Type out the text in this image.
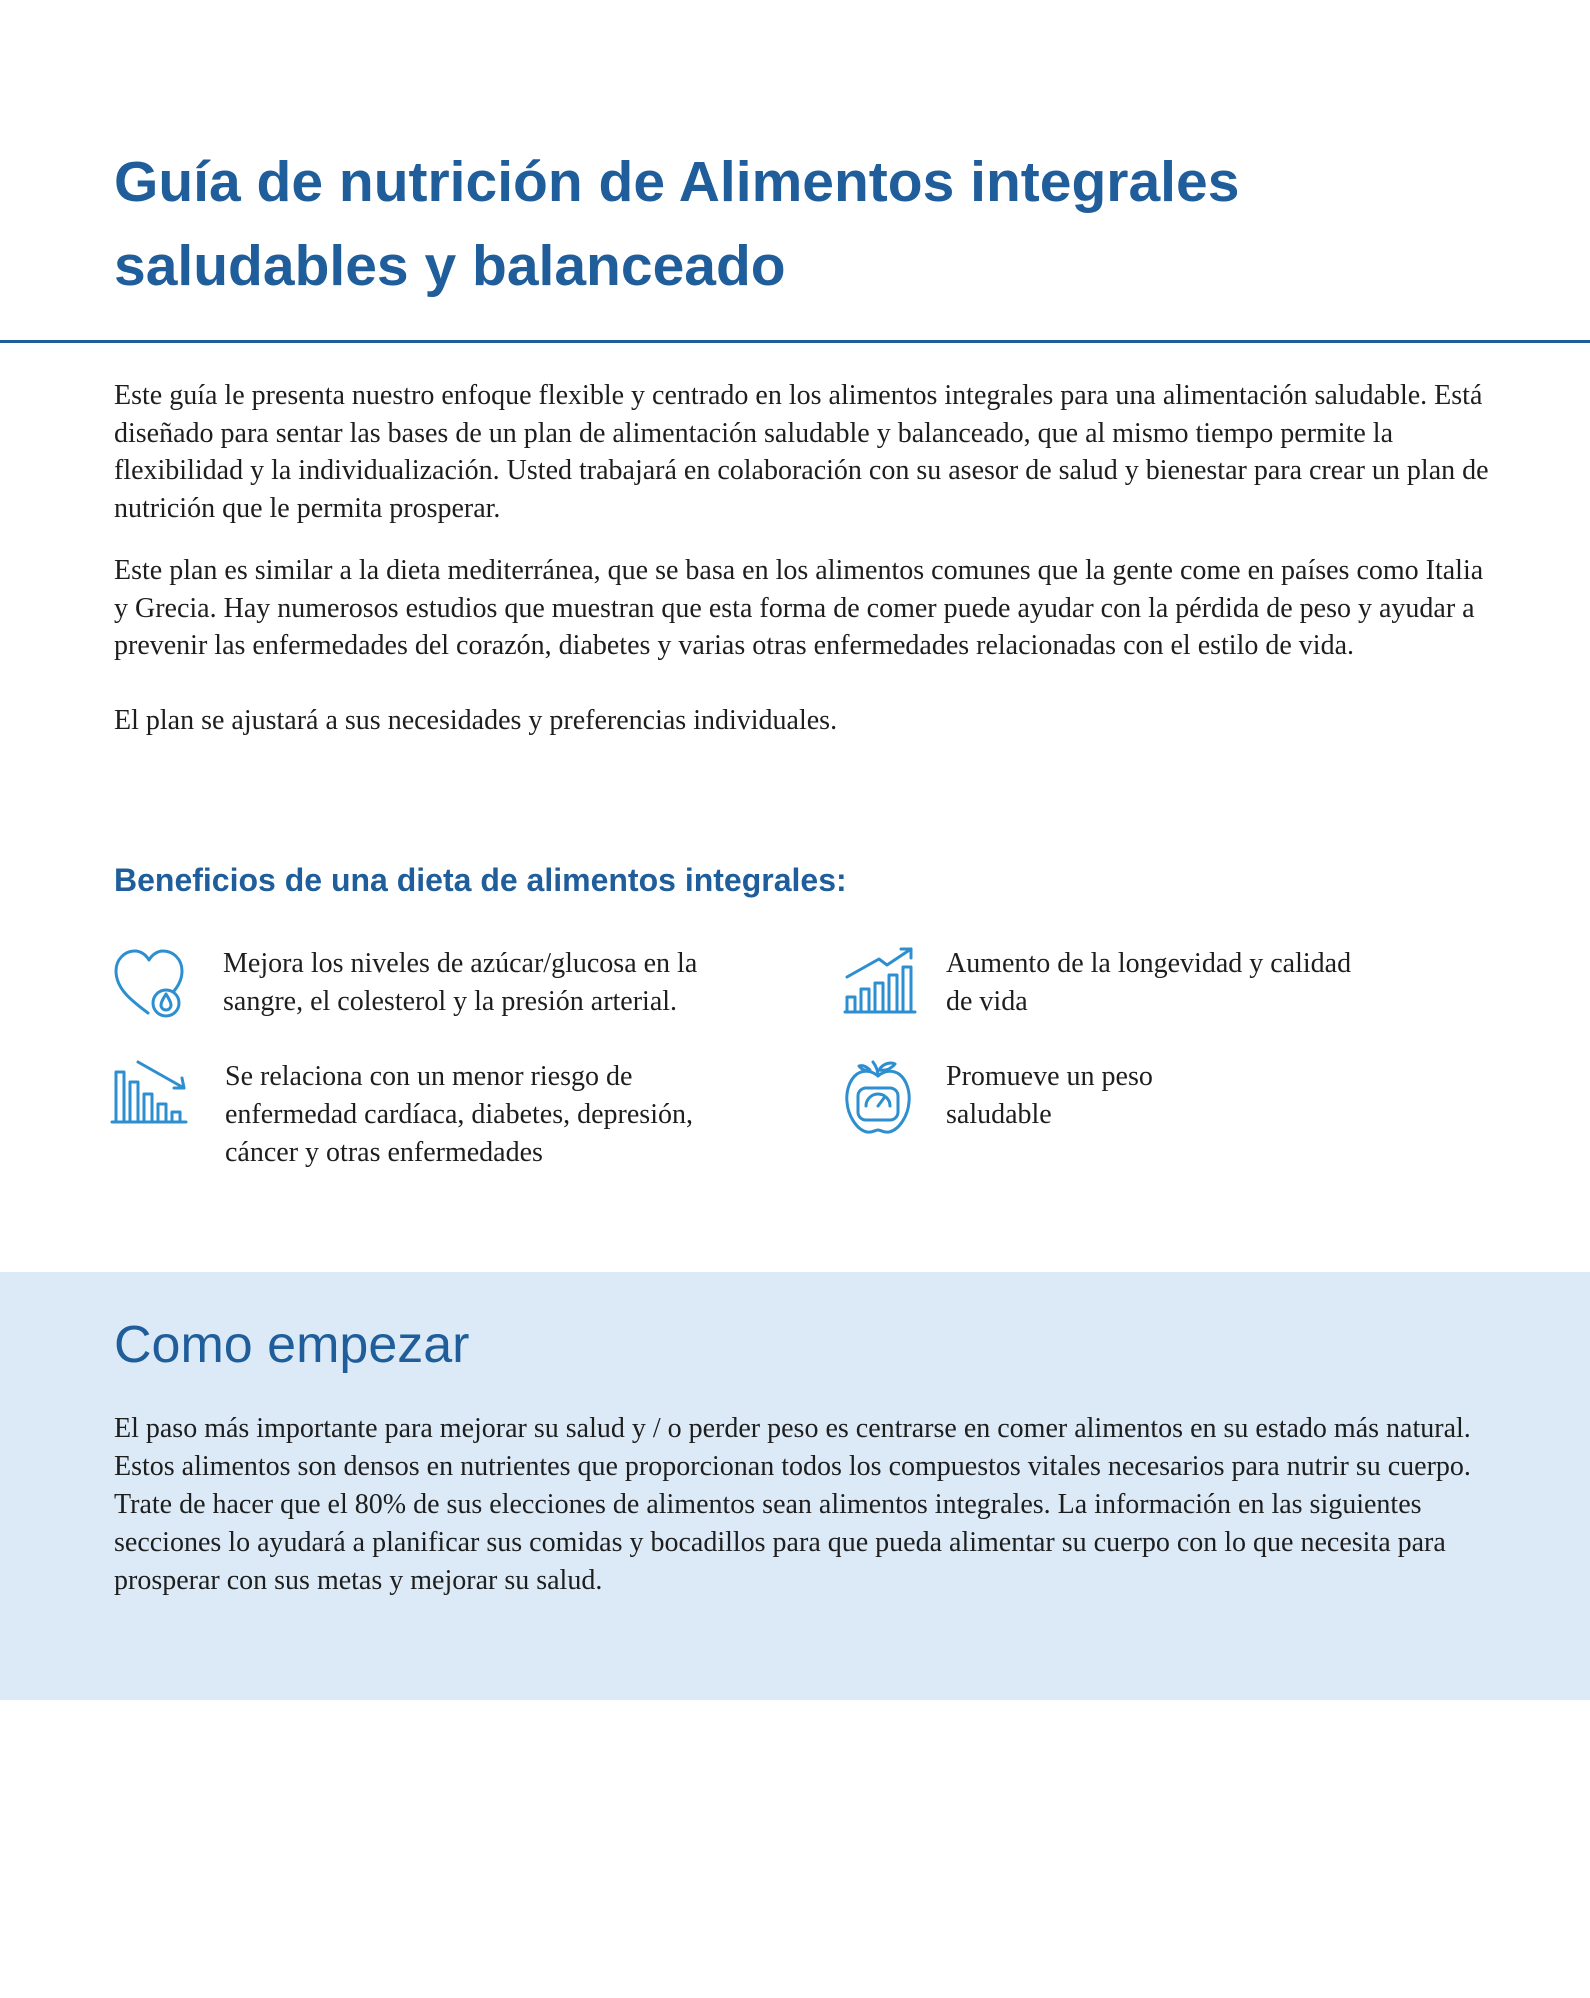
Guía de nutrición de Alimentos integrales
saludables y balanceado

Este guía le presenta nuestro enfoque flexible y centrado en los alimentos integrales para una alimentación saludable. Está diseñado para sentar las bases de un plan de alimentación saludable y balanceado, que al mismo tiempo permite la flexibilidad y la individualización. Usted trabajará en colaboración con su asesor de salud y bienestar para crear un plan de nutrición que le permita prosperar.

Este plan es similar a la dieta mediterránea, que se basa en los alimentos comunes que la gente come en países como Italia y Grecia. Hay numerosos estudios que muestran que esta forma de comer puede ayudar con la pérdida de peso y ayudar a prevenir las enfermedades del corazón, diabetes y varias otras enfermedades relacionadas con el estilo de vida.

El plan se ajustará a sus necesidades y preferencias individuales.

Beneficios de una dieta de alimentos integrales:
Mejora los niveles de azúcar/glucosa en la
sangre, el colesterol y la presión arterial.
Aumento de la longevidad y calidad
de vida
Se relaciona con un menor riesgo de
enfermedad cardíaca, diabetes, depresión,
cáncer y otras enfermedades
Promueve un peso
saludable
Como empezar

El paso más importante para mejorar su salud y / o perder peso es centrarse en comer alimentos en su estado más natural. Estos alimentos son densos en nutrientes que proporcionan todos los compuestos vitales necesarios para nutrir su cuerpo. Trate de hacer que el 80% de sus elecciones de alimentos sean alimentos integrales. La información en las siguientes secciones lo ayudará a planificar sus comidas y bocadillos para que pueda alimentar su cuerpo con lo que necesita para prosperar con sus metas y mejorar su salud.
